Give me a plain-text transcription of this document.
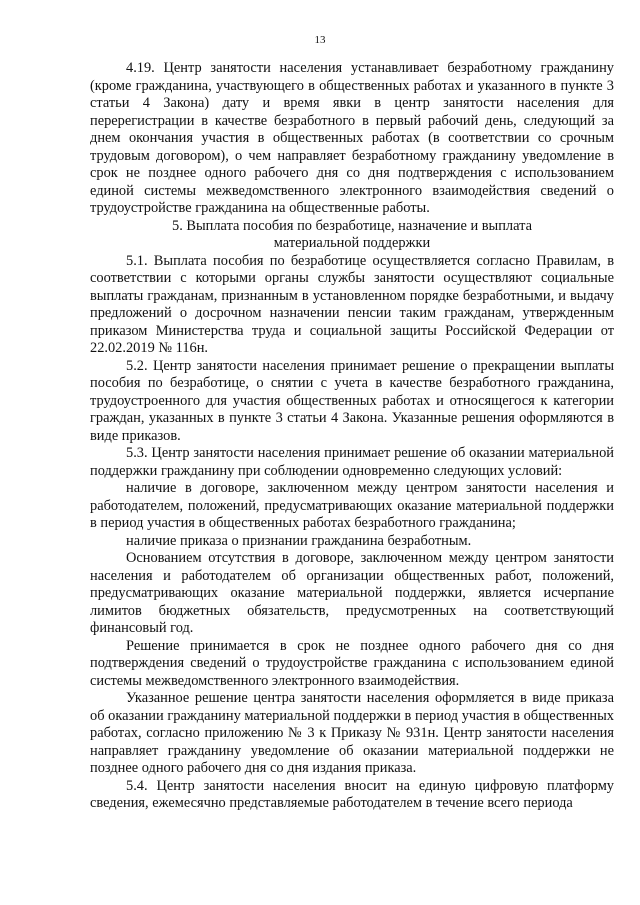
13

4.19. Центр занятости населения устанавливает безработному гражданину (кроме гражданина, участвующего в общественных работах и указанного в пункте 3 статьи 4 Закона) дату и время явки в центр занятости населения для перерегистрации в качестве безработного в первый рабочий день, следующий за днем окончания участия в общественных работах (в соответствии со срочным трудовым договором), о чем направляет безработному гражданину уведомление в срок не позднее одного рабочего дня со дня подтверждения с использованием единой системы межведомственного электронного взаимодействия сведений о трудоустройстве гражданина на общественные работы.

5. Выплата пособия по безработице, назначение и выплата
материальной поддержки

5.1. Выплата пособия по безработице осуществляется согласно Правилам, в соответствии с которыми органы службы занятости осуществляют социальные выплаты гражданам, признанным в установленном порядке безработными, и выдачу предложений о досрочном назначении пенсии таким гражданам, утвержденным приказом Министерства труда и социальной защиты Российской Федерации от 22.02.2019 № 116н.

5.2. Центр занятости населения принимает решение о прекращении выплаты пособия по безработице, о снятии с учета в качестве безработного гражданина, трудоустроенного для участия общественных работах и относящегося к категории граждан, указанных в пункте 3 статьи 4 Закона. Указанные решения оформляются в виде приказов.

5.3. Центр занятости населения принимает решение об оказании материальной поддержки гражданину при соблюдении одновременно следующих условий:

наличие в договоре, заключенном между центром занятости населения и работодателем, положений, предусматривающих оказание материальной поддержки в период участия в общественных работах безработного гражданина;

наличие приказа о признании гражданина безработным.

Основанием отсутствия в договоре, заключенном между центром занятости населения и работодателем об организации общественных работ, положений, предусматривающих оказание материальной поддержки, является исчерпание лимитов бюджетных обязательств, предусмотренных на соответствующий финансовый год.

Решение принимается в срок не позднее одного рабочего дня со дня подтверждения сведений о трудоустройстве гражданина с использованием единой системы межведомственного электронного взаимодействия.

Указанное решение центра занятости населения оформляется в виде приказа об оказании гражданину материальной поддержки в период участия в общественных работах, согласно приложению № 3 к Приказу № 931н. Центр занятости населения направляет гражданину уведомление об оказании материальной поддержки не позднее одного рабочего дня со дня издания приказа.

5.4. Центр занятости населения вносит на единую цифровую платформу сведения, ежемесячно представляемые работодателем в течение всего периода
